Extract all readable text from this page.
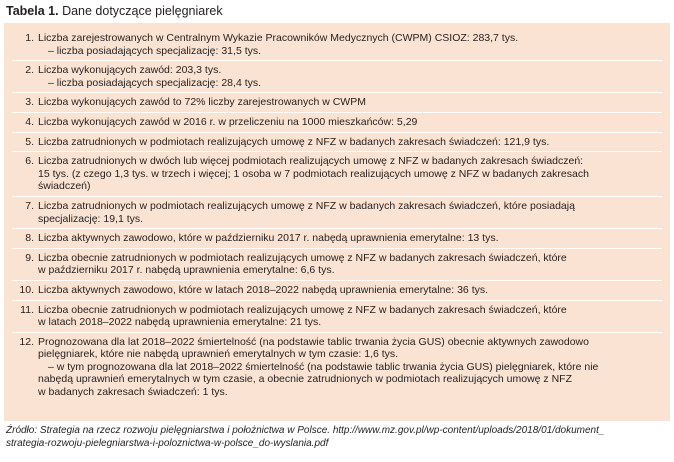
Tabela 1. Dane dotyczące pielęgniarek
1. Liczba zarejestrowanych w Centralnym Wykazie Pracowników Medycznych (CWPM) CSIOZ: 283,7 tys.
– liczba posiadających specjalizację: 31,5 tys.
2. Liczba wykonujących zawód: 203,3 tys.
– liczba posiadających specjalizację: 28,4 tys.
3. Liczba wykonujących zawód to 72% liczby zarejestrowanych w CWPM
4. Liczba wykonujących zawód w 2016 r. w przeliczeniu na 1000 mieszkańców: 5,29
5. Liczba zatrudnionych w podmiotach realizujących umowę z NFZ w badanych zakresach świadczeń: 121,9 tys.
6. Liczba zatrudnionych w dwóch lub więcej podmiotach realizujących umowę z NFZ w badanych zakresach świadczeń:
15 tys. (z czego 1,3 tys. w trzech i więcej; 1 osoba w 7 podmiotach realizujących umowę z NFZ w badanych zakresach
świadczeń)
7. Liczba zatrudnionych w podmiotach realizujących umowę z NFZ w badanych zakresach świadczeń, które posiadają
specjalizację: 19,1 tys.
8. Liczba aktywnych zawodowo, które w październiku 2017 r. nabędą uprawnienia emerytalne: 13 tys.
9. Liczba obecnie zatrudnionych w podmiotach realizujących umowę z NFZ w badanych zakresach świadczeń, które
w październiku 2017 r. nabędą uprawnienia emerytalne: 6,6 tys.
10. Liczba aktywnych zawodowo, które w latach 2018–2022 nabędą uprawnienia emerytalne: 36 tys.
11. Liczba obecnie zatrudnionych w podmiotach realizujących umowę z NFZ w badanych zakresach świadczeń, które
w latach 2018–2022 nabędą uprawnienia emerytalne: 21 tys.
12. Prognozowana dla lat 2018–2022 śmiertelność (na podstawie tablic trwania życia GUS) obecnie aktywnych zawodowo
pielęgniarek, które nie nabędą uprawnień emerytalnych w tym czasie: 1,6 tys.
– w tym prognozowana dla lat 2018–2022 śmiertelność (na podstawie tablic trwania życia GUS) pielęgniarek, które nie
nabędą uprawnień emerytalnych w tym czasie, a obecnie zatrudnionych w podmiotach realizujących umowę z NFZ
w badanych zakresach świadczeń: 1 tys.
Źródło: Strategia na rzecz rozwoju pielęgniarstwa i położnictwa w Polsce. http://www.mz.gov.pl/wp-content/uploads/2018/01/dokument_
strategia-rozwoju-pielegniarstwa-i-poloznictwa-w-polsce_do-wyslania.pdf
